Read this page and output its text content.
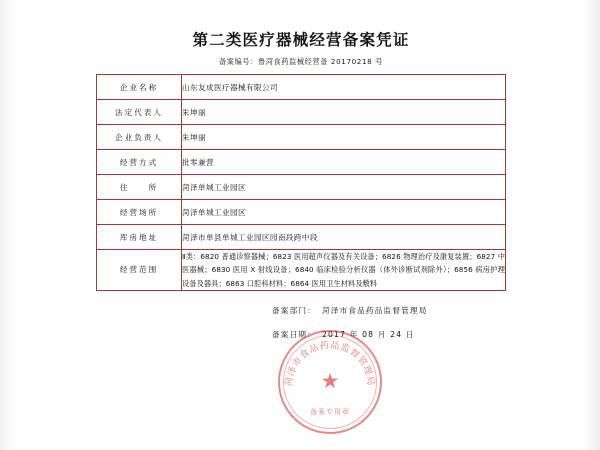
第二类医疗器械经营备案凭证
备案编号：鲁菏食药监械经营备 20170218 号
企业名称	山东友成医疗器械有限公司
法定代表人	朱坤丽
企业负责人	朱坤丽
经营方式	批零兼营
住　　所	菏泽单城工业园区
经营场所	菏泽单城工业园区
库房地址	菏泽市单县单城工业园区园南段跨中段
经营范围	Ⅱ类：6820 普通诊察器械；6823 医用超声仪器及有关设备；6826 物理治疗及康复装置；6827 中医器械；6830 医用 X 射线设备；6840 临床检验分析仪器（体外诊断试剂除外）；6856 病房护理设备及器具；6863 口腔科材料；6864 医用卫生材料及敷料
备案部门： 菏泽市食品药品监督管理局
备案日期： 2017 年 08 月 24 日
菏泽市食品药品监督管理局
★
备案专用章
